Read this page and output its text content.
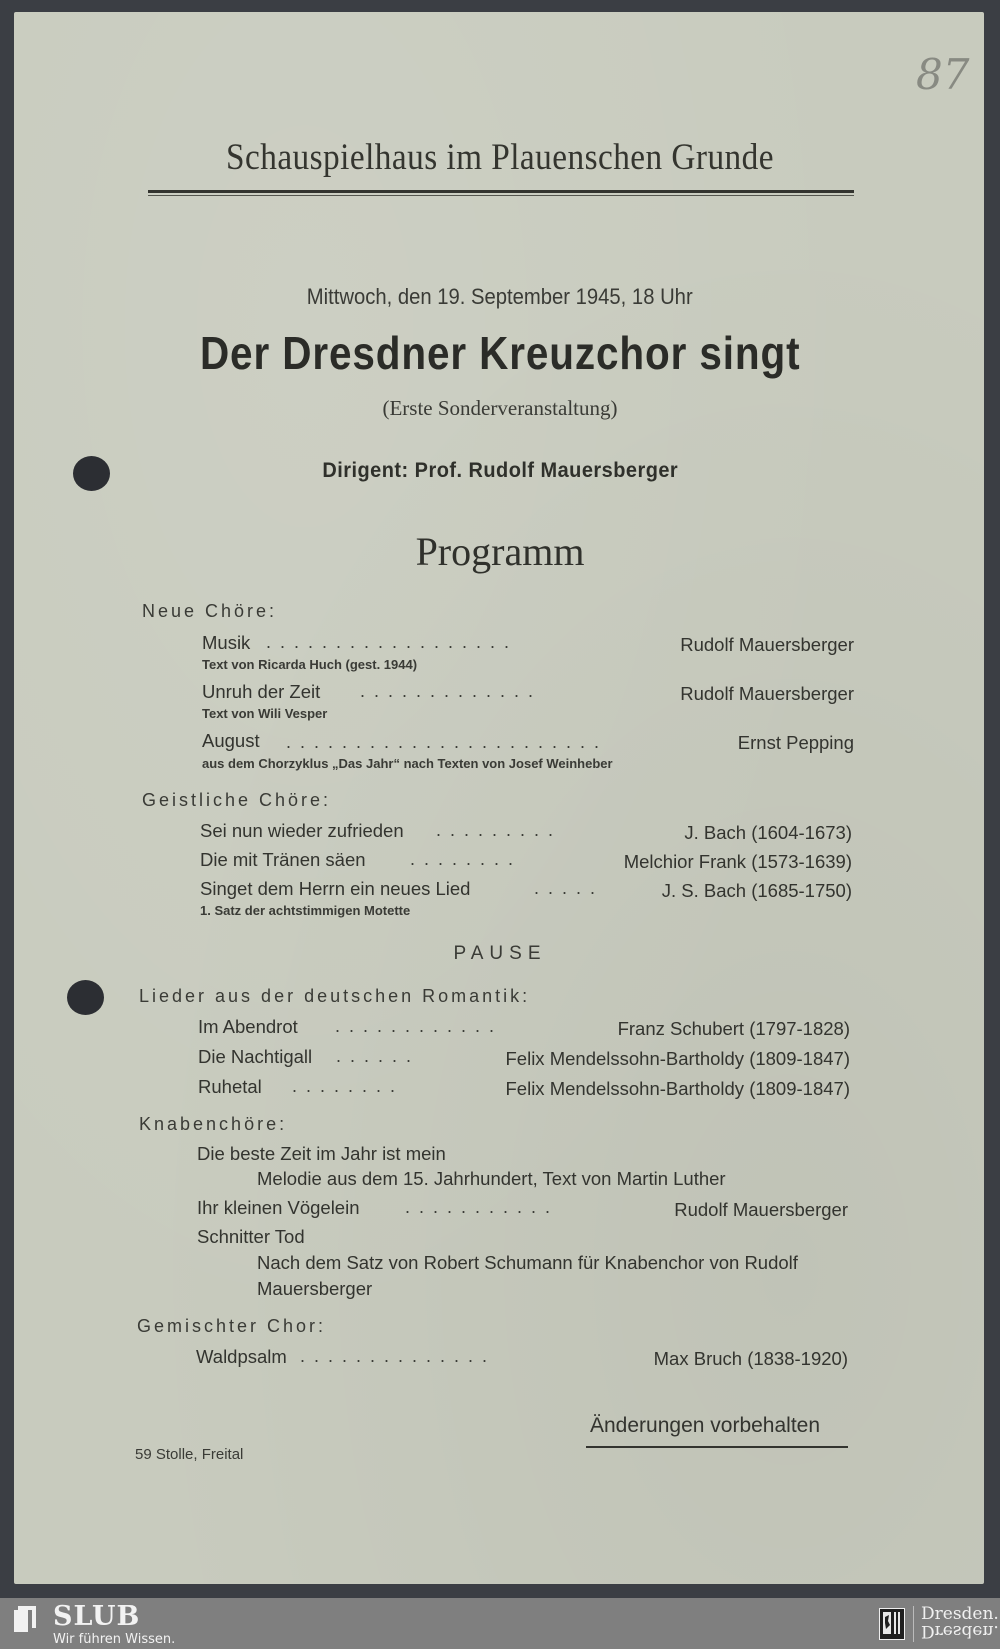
87
Schauspielhaus im Plauenschen Grunde
Mittwoch, den 19. September 1945, 18 Uhr
Der Dresdner Kreuzchor singt
(Erste Sonderveranstaltung)
Dirigent: Prof. Rudolf Mauersberger
Programm
Neue Chöre:
Musik ..................	Rudolf Mauersberger
Text von Ricarda Huch (gest. 1944)
Unruh der Zeit .............	Rudolf Mauersberger
Text von Wili Vesper
August .......................	Ernst Pepping
aus dem Chorzyklus „Das Jahr“ nach Texten von Josef Weinheber
Geistliche Chöre:
Sei nun wieder zufrieden .........	J. Bach (1604-1673)
Die mit Tränen säen ........	Melchior Frank (1573-1639)
Singet dem Herrn ein neues Lied	.....	J. S. Bach (1685-1750)
1. Satz der achtstimmigen Motette
PAUSE
Lieder aus der deutschen Romantik:
Im Abendrot ............	Franz Schubert (1797-1828)
Die Nachtigall ......	Felix Mendelssohn-Bartholdy (1809-1847)
Ruhetal ........	Felix Mendelssohn-Bartholdy (1809-1847)
Knabenchöre:
Die beste Zeit im Jahr ist mein
Melodie aus dem 15. Jahrhundert, Text von Martin Luther
Ihr kleinen Vögelein	...........	Rudolf Mauersberger
Schnitter Tod
Nach dem Satz von Robert Schumann für Knabenchor von Rudolf
Mauersberger
Gemischter Chor:
Waldpsalm ..............	Max Bruch (1838-1920)
Änderungen vorbehalten
59 Stolle, Freital
SLUB
Wir führen Wissen.
Dresden.
Dresden.
